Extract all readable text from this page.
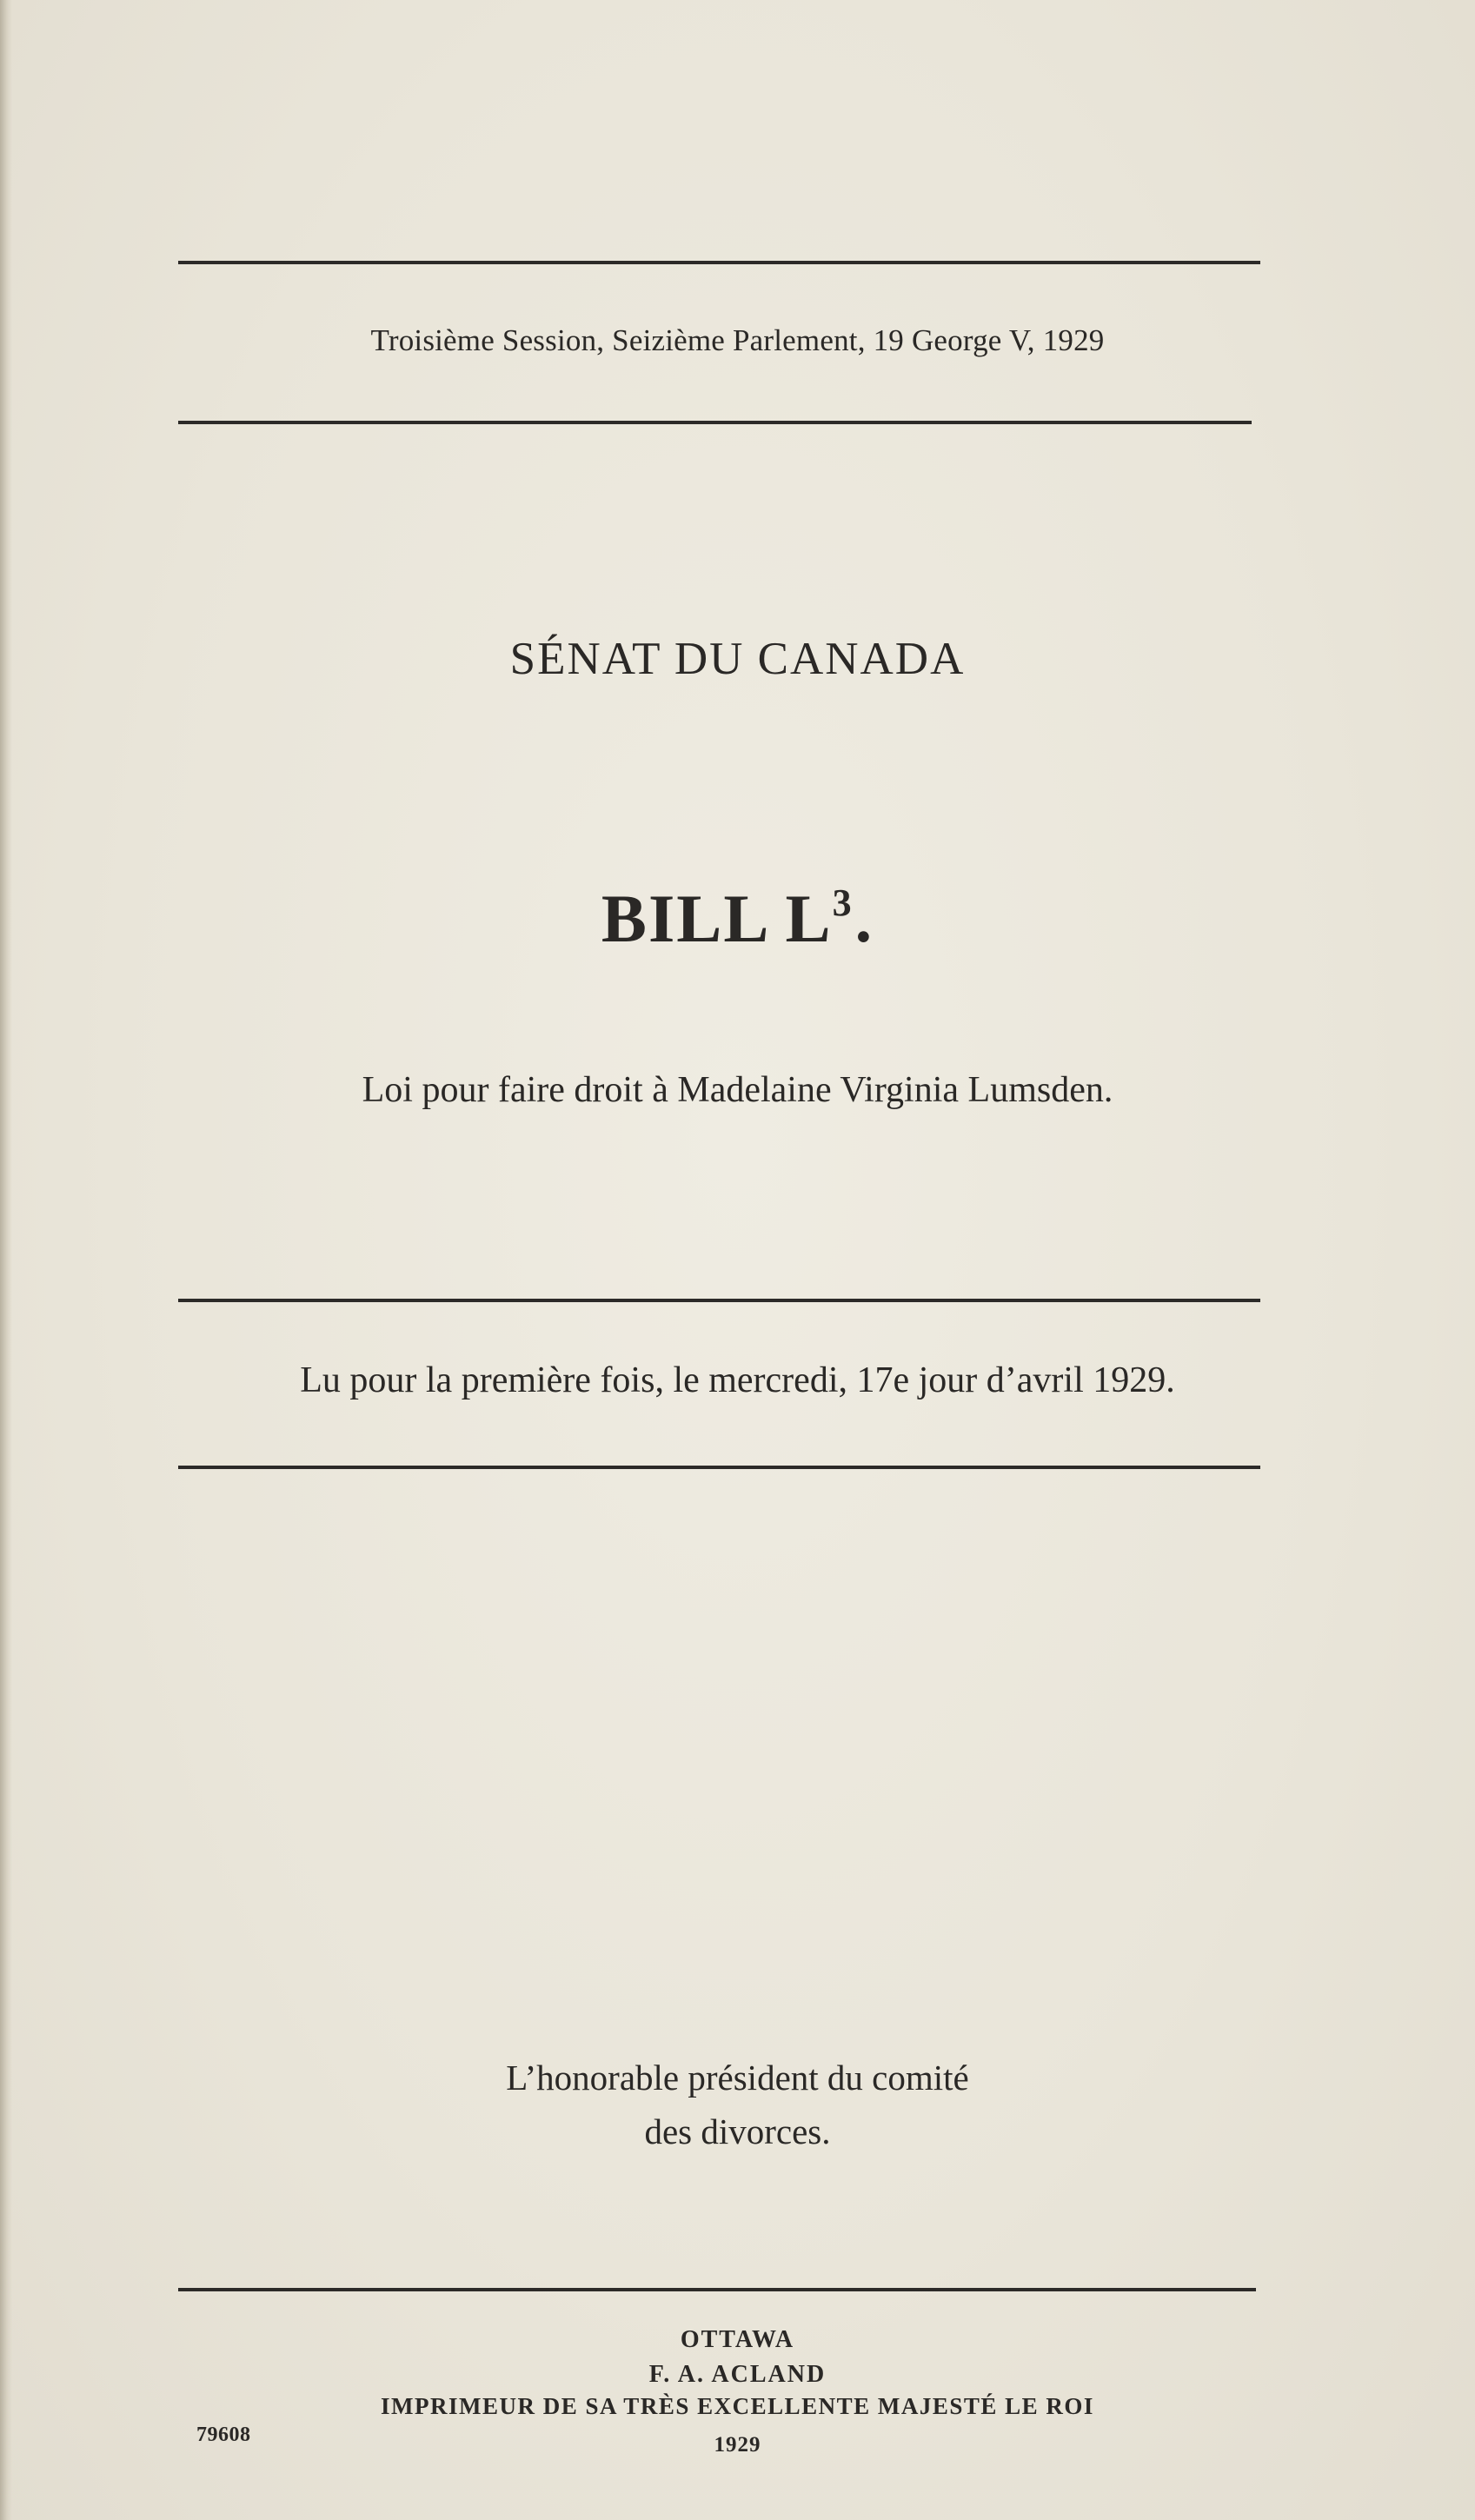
Troisième Session, Seizième Parlement, 19 George V, 1929
SÉNAT DU CANADA
BILL $L^3$.
Loi pour faire droit à Madelaine Virginia Lumsden.
Lu pour la première fois, le mercredi, 17e jour d’avril 1929.
L’honorable président du comité
des divorces.
OTTAWA
F. A. ACLAND
IMPRIMEUR DE SA TRÈS EXCELLENTE MAJESTÉ LE ROI
1929
79608
